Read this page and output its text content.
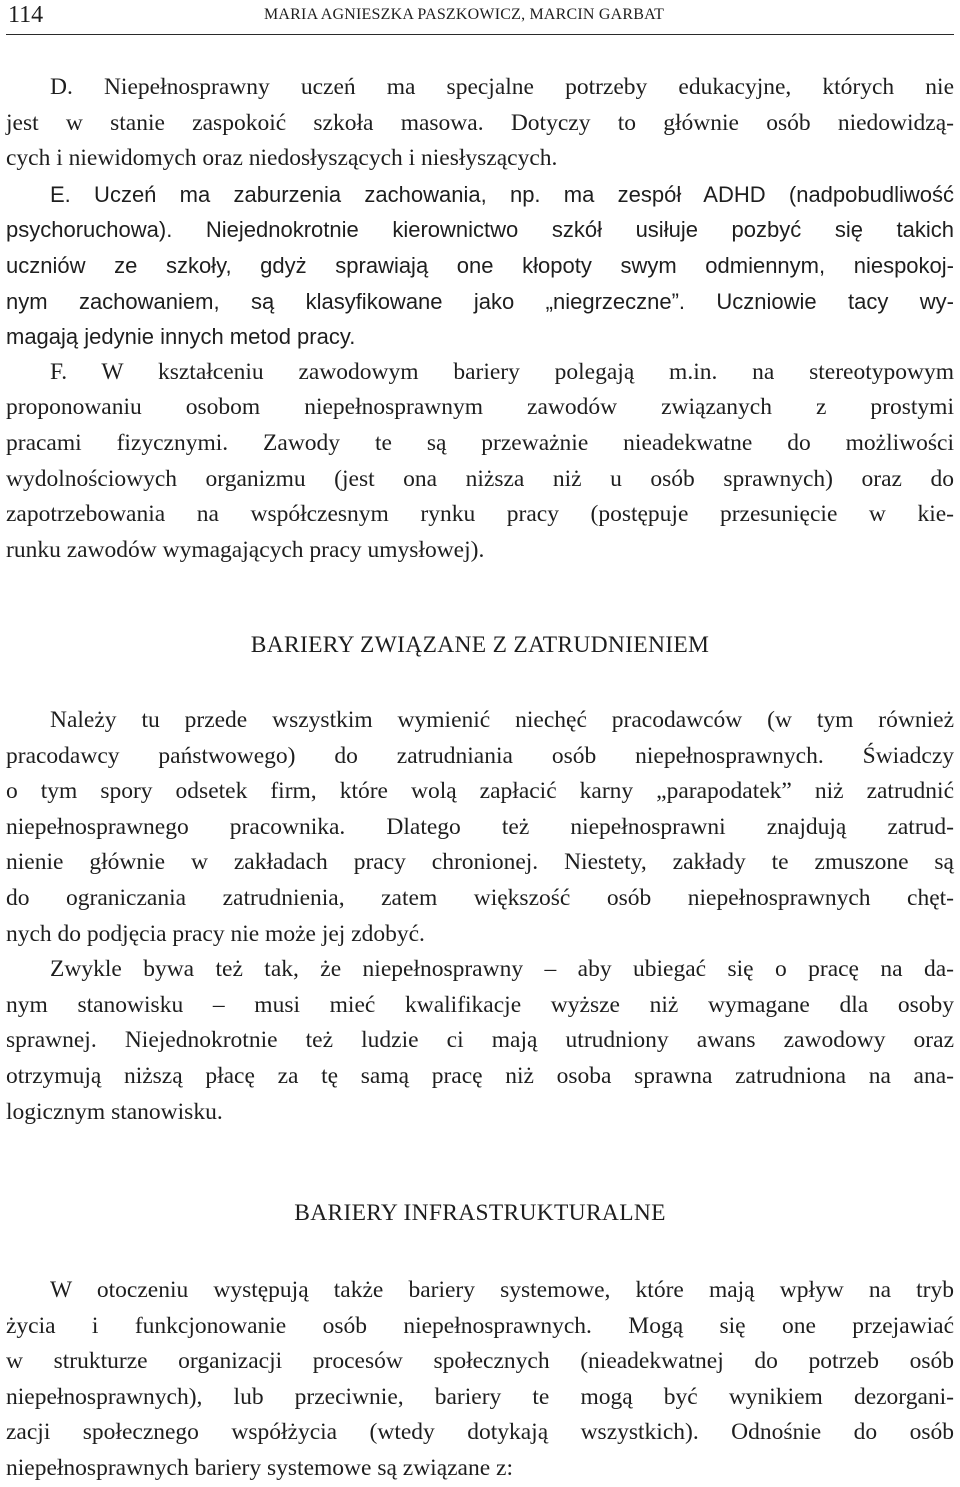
114	MARIA AGNIESZKA PASZKOWICZ, MARCIN GARBAT

D. Niepełnosprawny uczeń ma specjalne potrzeby edukacyjne, których nie
jest w stanie zaspokoić szkoła masowa. Dotyczy to głównie osób niedowidzą-
cych i niewidomych oraz niedosłyszących i niesłyszących.

E. Uczeń ma zaburzenia zachowania, np. ma zespół ADHD (nadpobudliwość
psychoruchowa). Niejednokrotnie kierownictwo szkół usiłuje pozbyć się takich
uczniów ze szkoły, gdyż sprawiają one kłopoty swym odmiennym, niespokoj-
nym zachowaniem, są klasyfikowane jako „niegrzeczne”. Uczniowie tacy wy-
magają jedynie innych metod pracy.

F. W kształceniu zawodowym bariery polegają m.in. na stereotypowym
proponowaniu osobom niepełnosprawnym zawodów związanych z prostymi
pracami fizycznymi. Zawody te są przeważnie nieadekwatne do możliwości
wydolnościowych organizmu (jest ona niższa niż u osób sprawnych) oraz do
zapotrzebowania na współczesnym rynku pracy (postępuje przesunięcie w kie-
runku zawodów wymagających pracy umysłowej).

BARIERY ZWIĄZANE Z ZATRUDNIENIEM

Należy tu przede wszystkim wymienić niechęć pracodawców (w tym również
pracodawcy państwowego) do zatrudniania osób niepełnosprawnych. Świadczy
o tym spory odsetek firm, które wolą zapłacić karny „parapodatek” niż zatrudnić
niepełnosprawnego pracownika. Dlatego też niepełnosprawni znajdują zatrud-
nienie głównie w zakładach pracy chronionej. Niestety, zakłady te zmuszone są
do ograniczania zatrudnienia, zatem większość osób niepełnosprawnych chęt-
nych do podjęcia pracy nie może jej zdobyć.

Zwykle bywa też tak, że niepełnosprawny – aby ubiegać się o pracę na da-
nym stanowisku – musi mieć kwalifikacje wyższe niż wymagane dla osoby
sprawnej. Niejednokrotnie też ludzie ci mają utrudniony awans zawodowy oraz
otrzymują niższą płacę za tę samą pracę niż osoba sprawna zatrudniona na ana-
logicznym stanowisku.

BARIERY INFRASTRUKTURALNE

W otoczeniu występują także bariery systemowe, które mają wpływ na tryb
życia i funkcjonowanie osób niepełnosprawnych. Mogą się one przejawiać
w strukturze organizacji procesów społecznych (nieadekwatnej do potrzeb osób
niepełnosprawnych), lub przeciwnie, bariery te mogą być wynikiem dezorgani-
zacji społecznego współżycia (wtedy dotykają wszystkich). Odnośnie do osób
niepełnosprawnych bariery systemowe są związane z:
